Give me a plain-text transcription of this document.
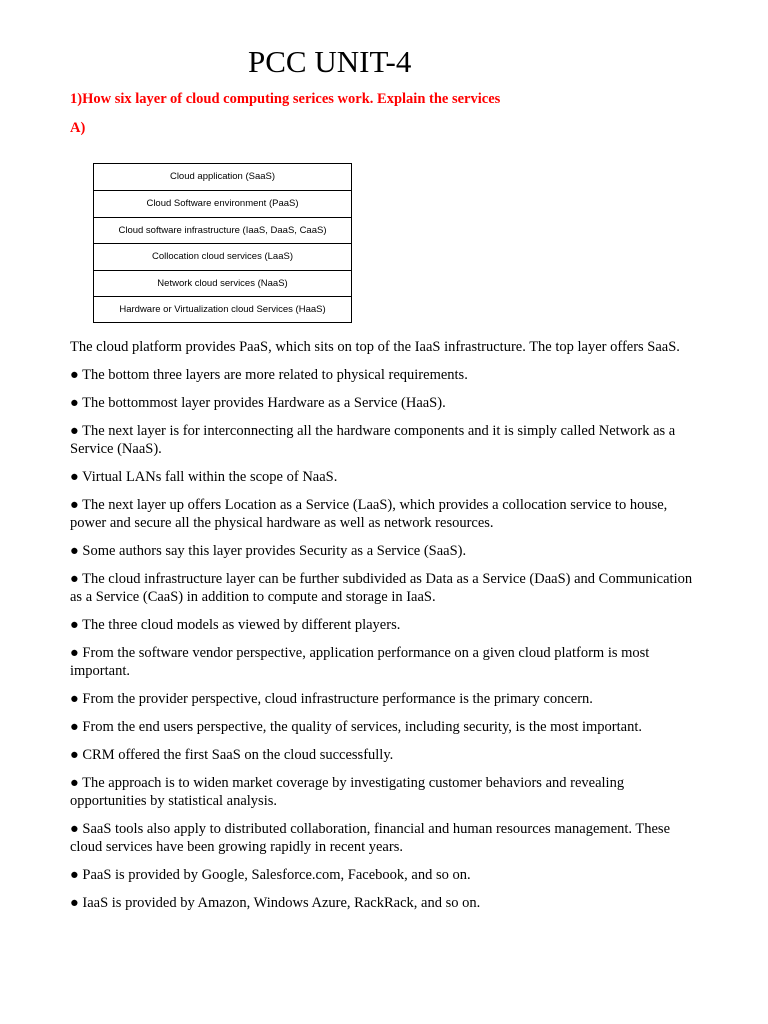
PCC UNIT-4
1)How six layer of cloud computing serices work. Explain the services
A)
Cloud application (SaaS)
Cloud Software environment (PaaS)
Cloud software infrastructure (IaaS, DaaS, CaaS)
Collocation cloud services (LaaS)
Network cloud services (NaaS)
Hardware or Virtualization cloud Services (HaaS)

The cloud platform provides PaaS, which sits on top of the IaaS infrastructure. The top layer offers SaaS.

● The bottom three layers are more related to physical requirements.

● The bottommost layer provides Hardware as a Service (HaaS).

● The next layer is for interconnecting all the hardware components and it is simply called Network as a Service (NaaS).

● Virtual LANs fall within the scope of NaaS.

● The next layer up offers Location as a Service (LaaS), which provides a collocation service to house, power and secure all the physical hardware as well as network resources.

● Some authors say this layer provides Security as a Service (SaaS).

● The cloud infrastructure layer can be further subdivided as Data as a Service (DaaS) and Communication as a Service (CaaS) in addition to compute and storage in IaaS.

● The three cloud models as viewed by different players.

● From the software vendor perspective, application performance on a given cloud platform is most important.

● From the provider perspective, cloud infrastructure performance is the primary concern.

● From the end users perspective, the quality of services, including security, is the most important.

● CRM offered the first SaaS on the cloud successfully.

● The approach is to widen market coverage by investigating customer behaviors and revealing opportunities by statistical analysis.

● SaaS tools also apply to distributed collaboration, financial and human resources management. These cloud services have been growing rapidly in recent years.

● PaaS is provided by Google, Salesforce.com, Facebook, and so on.

● IaaS is provided by Amazon, Windows Azure, RackRack, and so on.
